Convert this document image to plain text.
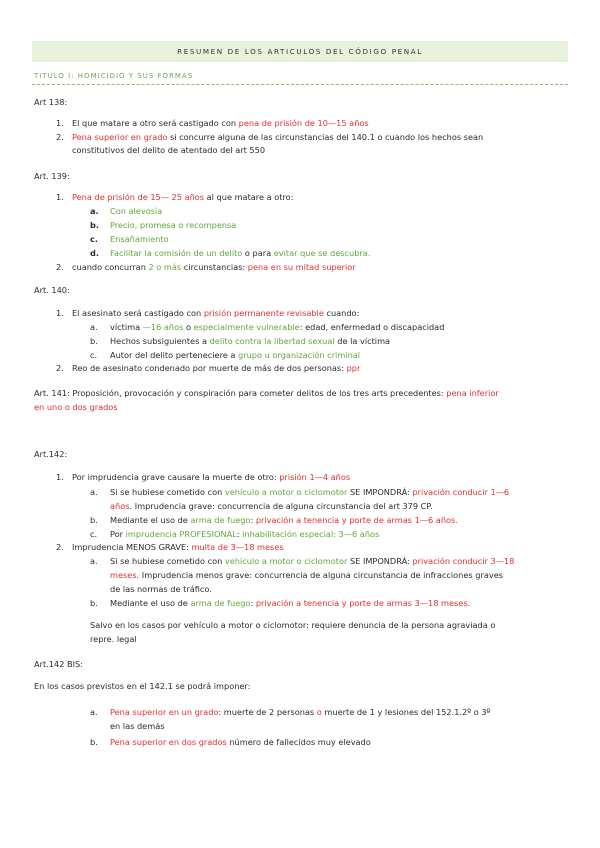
RESUMEN DE LOS ARTICULOS DEL CÓDIGO PENAL
TITULO I: HOMICIDIO Y SUS FORMAS
Art 138:
1. El que matare a otro será castigado con pena de prisión de 10—15 años
2. Pena superior en grado si concurre alguna de las circunstancias del 140.1 o cuando los hechos sean
constitutivos del delito de atentado del art 550
Art. 139:
1. Pena de prisión de 15— 25 años al que matare a otro:
a. Con alevosía
b. Precio, promesa o recompensa
c. Ensañamiento
d. Facilitar la comisión de un delito o para evitar que se descubra.
2. cuando concurran 2 o más circunstancias: pena en su mitad superior
Art. 140:
1. El asesinato será castigado con prisión permanente revisable cuando:
a. víctima —16 años o especialmente vulnerable: edad, enfermedad o discapacidad
b. Hechos subsiguientes a delito contra la libertad sexual de la víctima
c. Autor del delito perteneciere a grupo u organización criminal
2. Reo de asesinato condenado por muerte de más de dos personas: ppr
Art. 141: Proposición, provocación y conspiración para cometer delitos de los tres arts precedentes: pena inferior
en uno o dos grados
Art.142:
1. Por imprudencia grave causare la muerte de otro: prisión 1—4 años
a. Si se hubiese cometido con vehículo a motor o ciclomotor SE IMPONDRÁ: privación conducir 1—6
años. Imprudencia grave: concurrencia de alguna circunstancia del art 379 CP.
b. Mediante el uso de arma de fuego: privación a tenencia y porte de armas 1—6 años.
c. Por imprudencia PROFESIONAL: inhabilitación especial: 3—6 años
2. Imprudencia MENOS GRAVE: multa de 3—18 meses
a. Si se hubiese cometido con vehículo a motor o ciclomotor SE IMPONDRÁ: privación conducir 3—18
meses. Imprudencia menos grave: concurrencia de alguna circunstancia de infracciones graves
de las normas de tráfico.
b. Mediante el uso de arma de fuego: privación a tenencia y porte de armas 3—18 meses.
Salvo en los casos por vehículo a motor o ciclomotor: requiere denuncia de la persona agraviada o
repre. legal
Art.142 BIS:
En los casos previstos en el 142.1 se podrá imponer:
a. Pena superior en un grado: muerte de 2 personas o muerte de 1 y lesiones del 152.1.2º o 3º
en las demás
b. Pena superior en dos grados número de fallecidos muy elevado
